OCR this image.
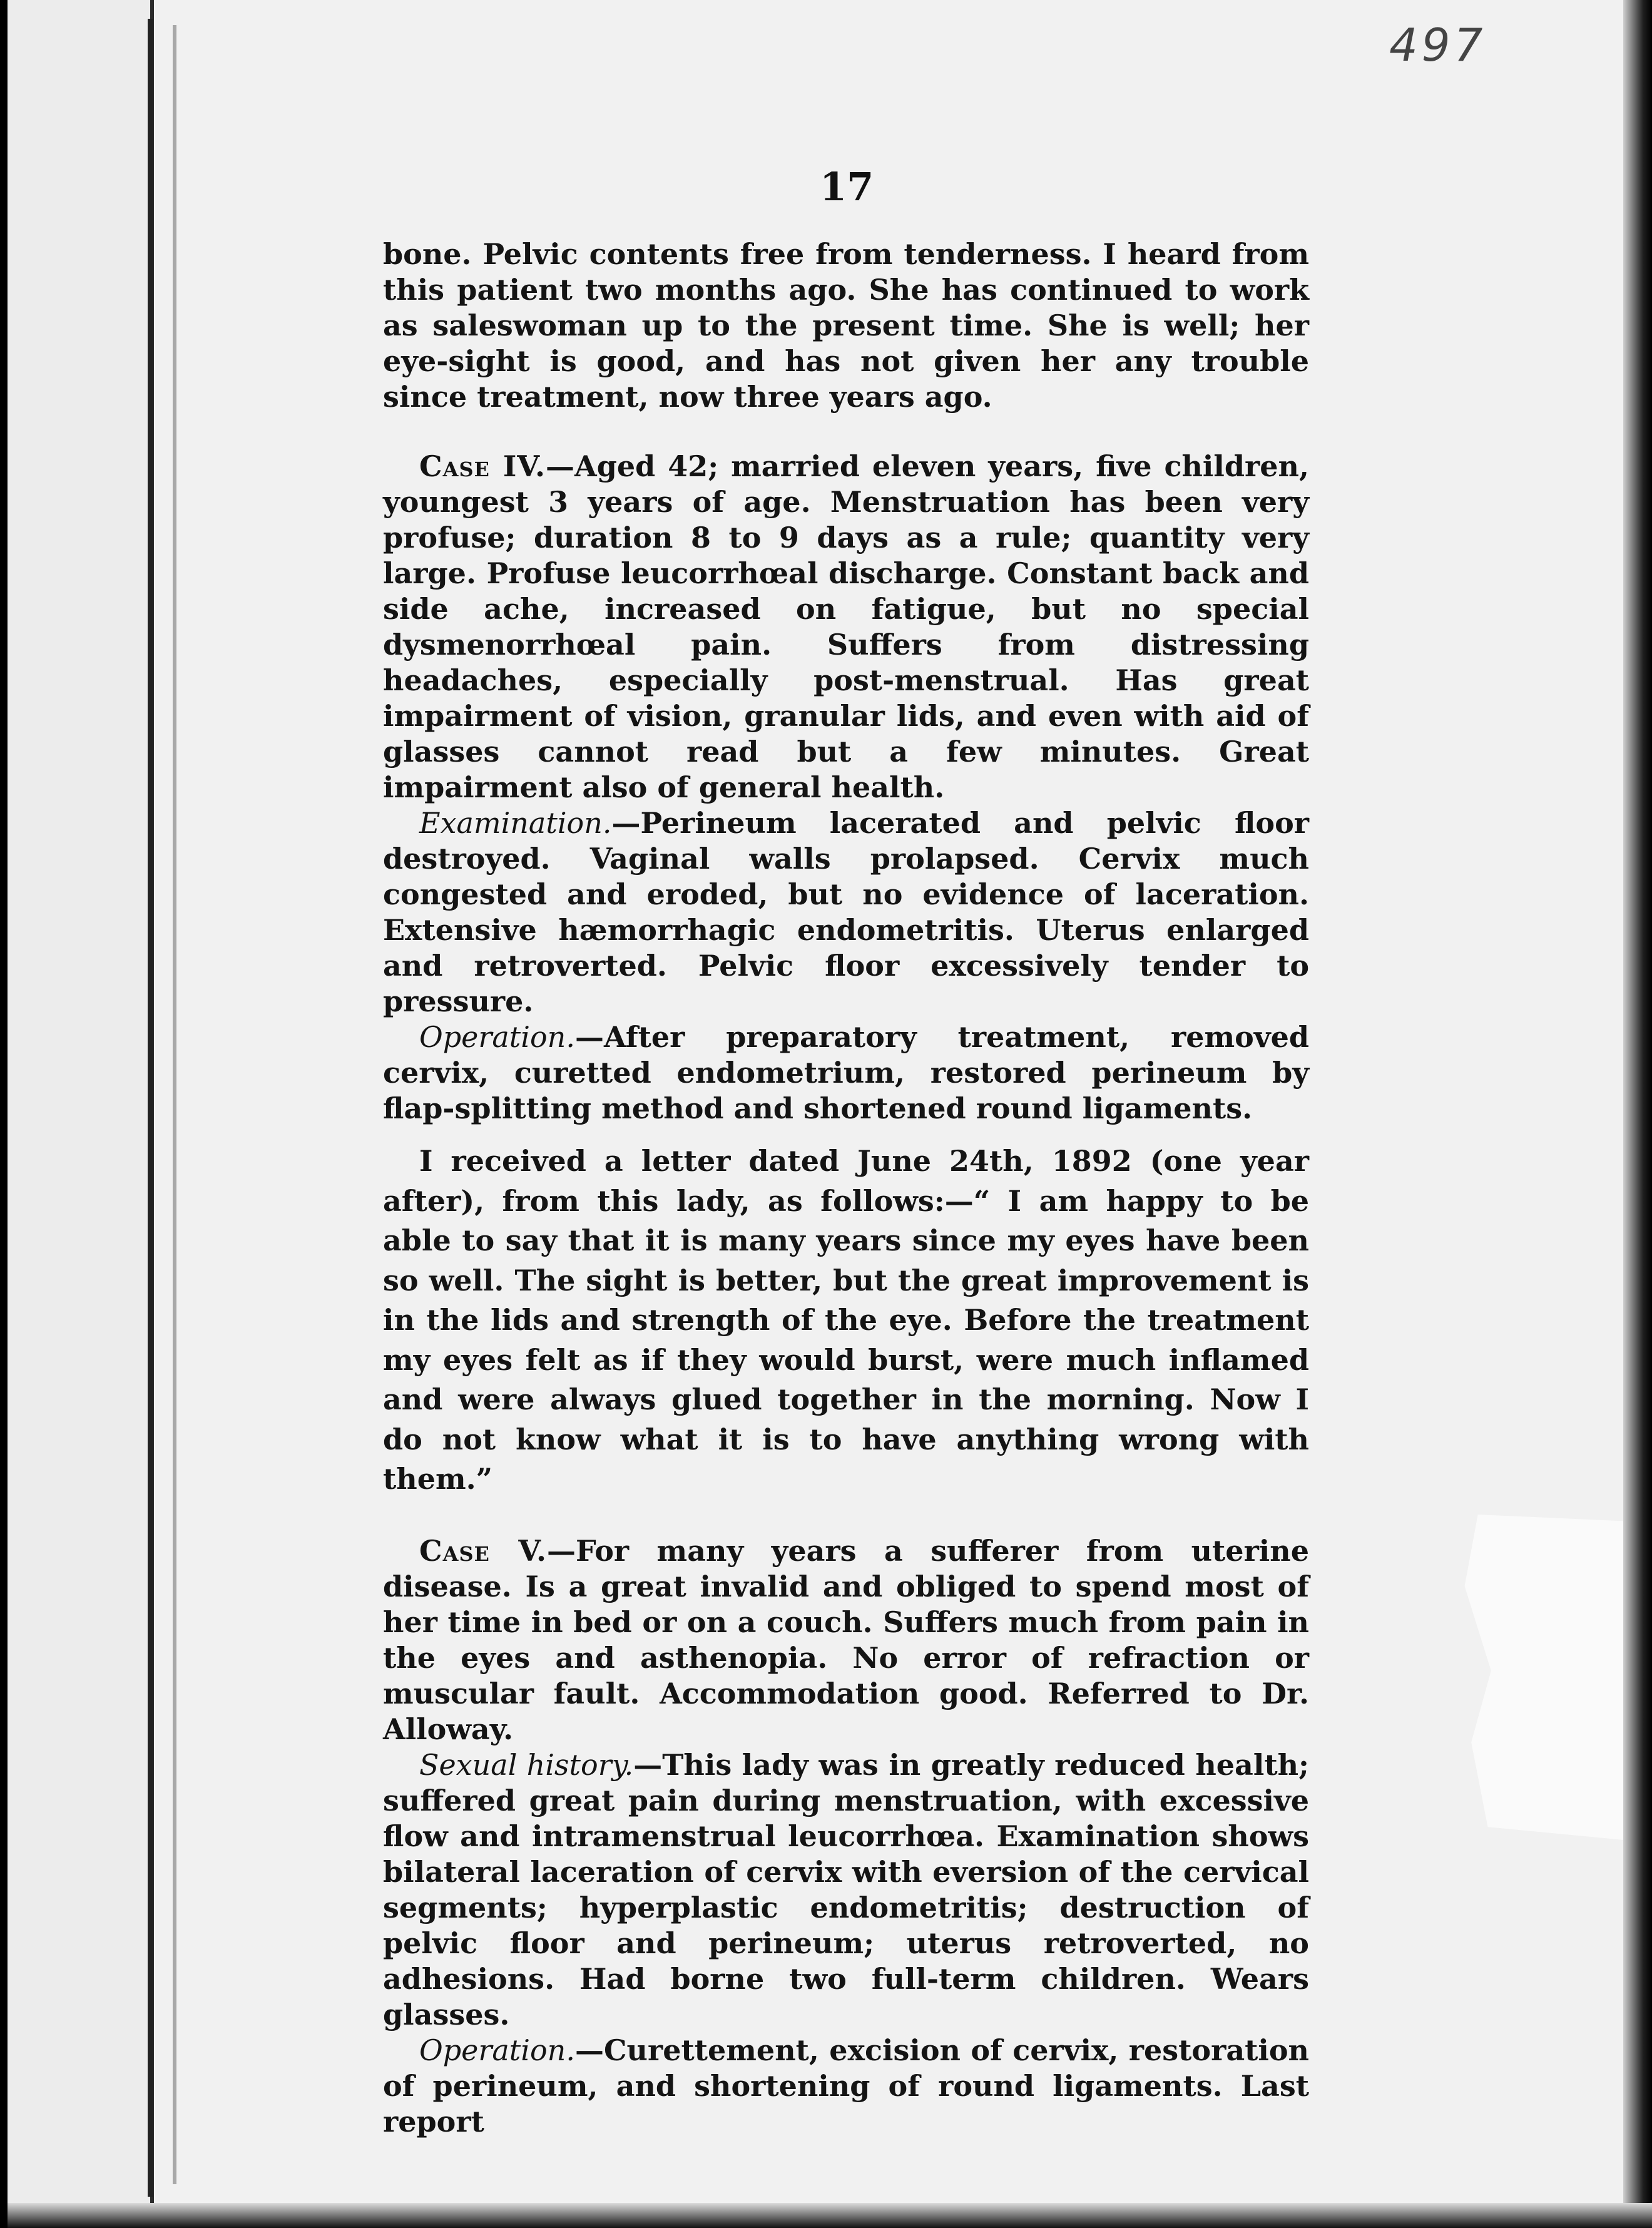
497
17

bone. Pelvic contents free from tenderness. I heard from this patient two months ago. She has continued to work as saleswoman up to the present time. She is well; her eye-sight is good, and has not given her any trouble since treatment, now three years ago.

Case IV.—Aged 42; married eleven years, five children, youngest 3 years of age. Menstruation has been very profuse; duration 8 to 9 days as a rule; quantity very large. Profuse leucorrhœal discharge. Constant back and side ache, increased on fatigue, but no special dysmenorrhœal pain. Suffers from distressing headaches, especially post-menstrual. Has great impairment of vision, granular lids, and even with aid of glasses cannot read but a few minutes. Great impairment also of general health.

Examination.—Perineum lacerated and pelvic floor destroyed. Vaginal walls prolapsed. Cervix much congested and eroded, but no evidence of laceration. Extensive hæmorrhagic endometritis. Uterus enlarged and retroverted. Pelvic floor excessively tender to pressure.

Operation.—After preparatory treatment, removed cervix, curetted endometrium, restored perineum by flap-splitting method and shortened round ligaments.

I received a letter dated June 24th, 1892 (one year after), from this lady, as follows:—“ I am happy to be able to say that it is many years since my eyes have been so well. The sight is better, but the great improvement is in the lids and strength of the eye. Before the treatment my eyes felt as if they would burst, were much inflamed and were always glued together in the morning. Now I do not know what it is to have anything wrong with them.”

Case V.—For many years a sufferer from uterine disease. Is a great invalid and obliged to spend most of her time in bed or on a couch. Suffers much from pain in the eyes and asthenopia. No error of refraction or muscular fault. Accommodation good. Referred to Dr. Alloway.

Sexual history.—This lady was in greatly reduced health; suffered great pain during menstruation, with excessive flow and intramenstrual leucorrhœa. Examination shows bilateral laceration of cervix with eversion of the cervical segments; hyperplastic endometritis; destruction of pelvic floor and perineum; uterus retroverted, no adhesions. Had borne two full-term children. Wears glasses.

Operation.—Curettement, excision of cervix, restoration of perineum, and shortening of round ligaments. Last report
